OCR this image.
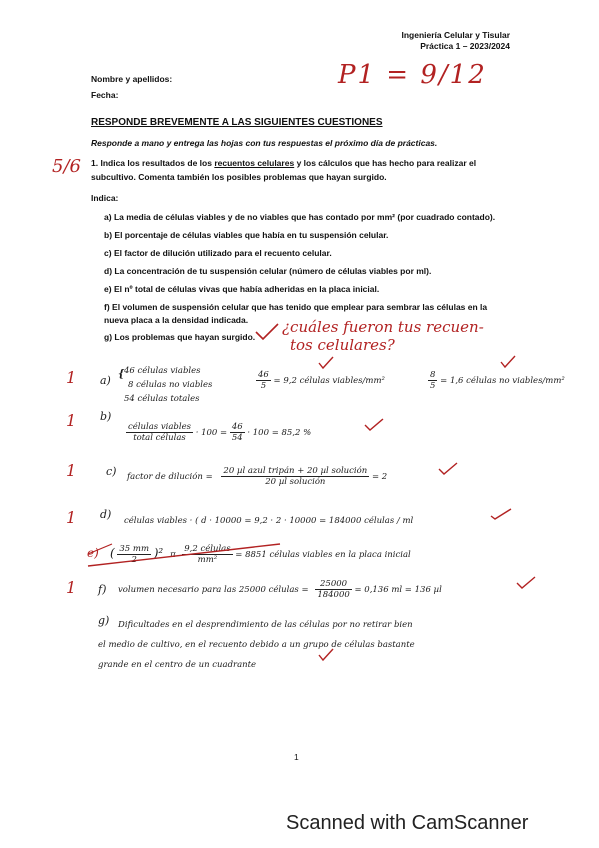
Ingeniería Celular y Tisular
Práctica 1 – 2023/2024
Nombre y apellidos:
Fecha:
P1 = 9/12
RESPONDE BREVEMENTE A LAS SIGUIENTES CUESTIONES
Responde a mano y entrega las hojas con tus respuestas el próximo día de prácticas.
5/6 1. Indica los resultados de los recuentos celulares y los cálculos que has hecho para realizar el
subcultivo. Comenta también los posibles problemas que hayan surgido.
Indica:
a) La media de células viables y de no viables que has contado por mm² (por cuadrado contado).
b) El porcentaje de células viables que había en tu suspensión celular.
c) El factor de dilución utilizado para el recuento celular.
d) La concentración de tu suspensión celular (número de células viables por ml).
e) El nº total de células vivas que había adheridas en la placa inicial.
f) El volumen de suspensión celular que has tenido que emplear para sembrar las células en la
nueva placa a la densidad indicada.
g) Los problemas que hayan surgido.
¿cuáles fueron tus recuen-
tos celulares?
1 a) { 46 células viables
8 células no viables
54 células totales
$\frac{46}{5} = 9,2$ células viables/mm²	$\frac{8}{5} = 1,6$ células no viables/mm²
1 b)
$\frac{\text{células viables}}{\text{total células}} \cdot 100 = \frac{46}{54} \cdot 100 = 85,2$ %
1	c) factor de dilución = $\frac{\text{20 µl azul tripán + 20 µl solución}}{\text{20 µl solución}} = 2$
1 d) células viables · ( d · 10000 = 9,2 · 2 · 10000 = 184000 células / ml
e) ( $\frac{35 mm}{2} )^2$ π $\frac{\text{9,2 células}}{\text{mm²}} = 8851$ células viables en la placa inicial
1 f) volumen necesario para las 25000 células = $\frac{25000}{184000} = 0,136$ ml = 136 µl
g) Dificultades en el desprendimiento de las células por no retirar bien
el medio de cultivo, en el recuento debido a un grupo de células bastante
grande en el centro de un cuadrante
1
Scanned with CamScanner
